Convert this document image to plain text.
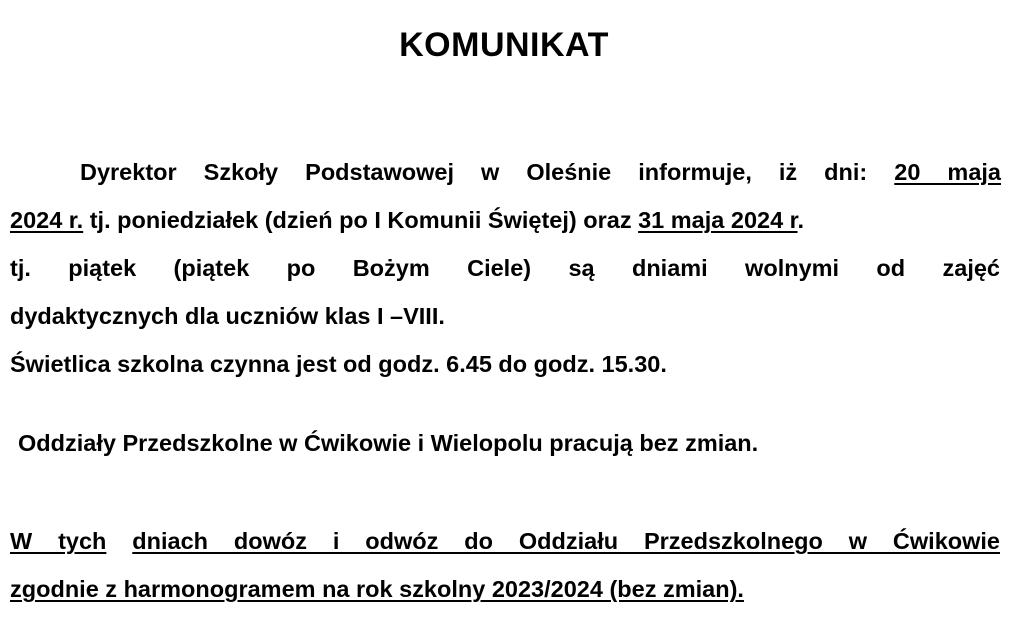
KOMUNIKAT

Dyrektor Szkoły Podstawowej w Oleśnie informuje, iż dni: 20 maja

2024 r. tj. poniedziałek (dzień po I Komunii Świętej) oraz 31 maja 2024 r.

tj. piątek (piątek po Bożym Ciele) są dniami wolnymi od zajęć

dydaktycznych dla uczniów klas I –VIII.

Świetlica szkolna czynna jest od godz. 6.45 do godz. 15.30.

Oddziały Przedszkolne w Ćwikowie i Wielopolu pracują bez zmian.

W tych dniach dowóz i odwóz do Oddziału Przedszkolnego w Ćwikowie

zgodnie z harmonogramem na rok szkolny 2023/2024 (bez zmian).
